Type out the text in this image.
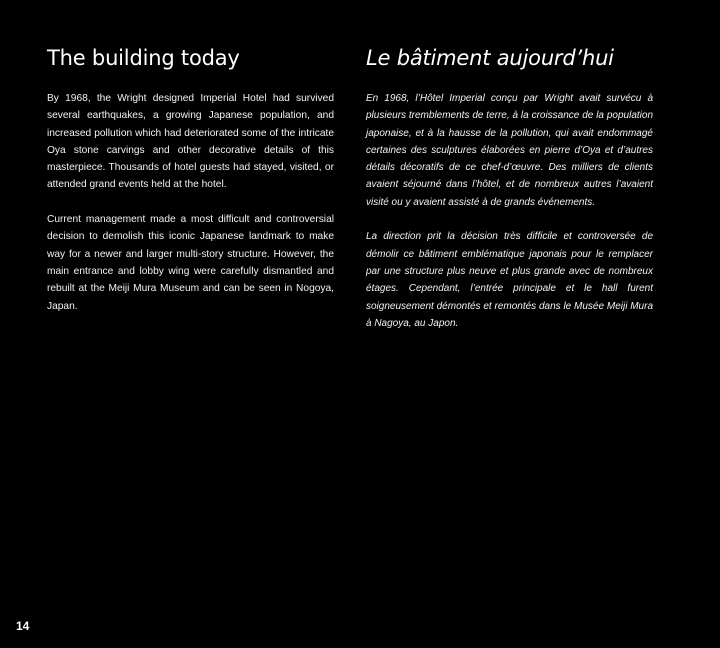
The building today

By 1968, the Wright designed Imperial Hotel had survived several earthquakes, a growing Japanese population, and increased pollution which had deteriorated some of the intricate Oya stone carvings and other decorative details of this masterpiece. Thousands of hotel guests had stayed, visited, or attended grand events held at the hotel.

Current management made a most difficult and controversial decision to demolish this iconic Japanese landmark to make way for a newer and larger multi-story structure. However, the main entrance and lobby wing were carefully dismantled and rebuilt at the Meiji Mura Museum and can be seen in Nogoya, Japan.

Le bâtiment aujourd’hui

En 1968, l’Hôtel Imperial conçu par Wright avait survécu à plusieurs tremblements de terre, à la croissance de la population japonaise, et à la hausse de la pollution, qui avait endommagé certaines des sculptures élaborées en pierre d’Oya et d’autres détails décoratifs de ce chef-d’œuvre. Des milliers de clients avaient séjourné dans l’hôtel, et de nombreux autres l’avaient visité ou y avaient assisté à de grands événements.

La direction prit la décision très difficile et controversée de démolir ce bâtiment emblématique japonais pour le remplacer par une structure plus neuve et plus grande avec de nombreux étages. Cependant, l’entrée principale et le hall furent soigneusement démontés et remontés dans le Musée Meiji Mura à Nagoya, au Japon.

14
